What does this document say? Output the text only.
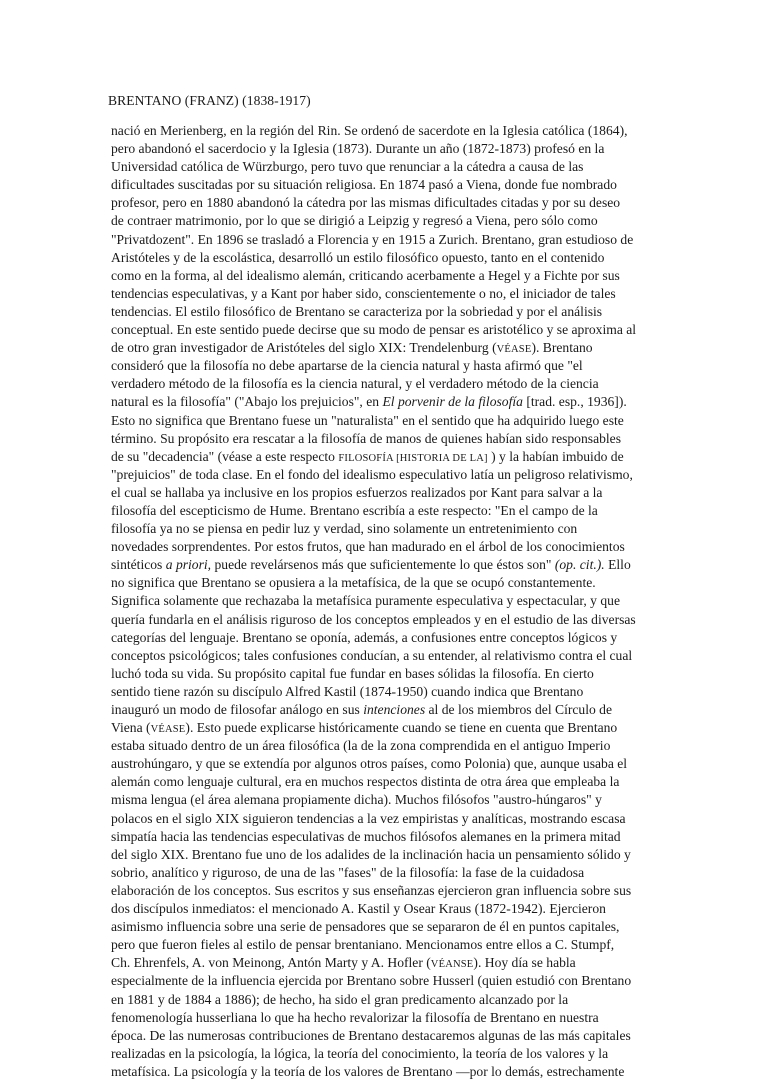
BRENTANO (FRANZ) (1838-1917)
nació en Merienberg, en la región del Rin. Se ordenó de sacerdote en la Iglesia católica (1864),
pero abandonó el sacerdocio y la Iglesia (1873). Durante un año (1872-1873) profesó en la
Universidad católica de Würzburgo, pero tuvo que renunciar a la cátedra a causa de las
dificultades suscitadas por su situación religiosa. En 1874 pasó a Viena, donde fue nombrado
profesor, pero en 1880 abandonó la cátedra por las mismas dificultades citadas y por su deseo
de contraer matrimonio, por lo que se dirigió a Leipzig y regresó a Viena, pero sólo como
"Privatdozent". En 1896 se trasladó a Florencia y en 1915 a Zurich. Brentano, gran estudioso de
Aristóteles y de la escolástica, desarrolló un estilo filosófico opuesto, tanto en el contenido
como en la forma, al del idealismo alemán, criticando acerbamente a Hegel y a Fichte por sus
tendencias especulativas, y a Kant por haber sido, conscientemente o no, el iniciador de tales
tendencias. El estilo filosófico de Brentano se caracteriza por la sobriedad y por el análisis
conceptual. En este sentido puede decirse que su modo de pensar es aristotélico y se aproxima al
de otro gran investigador de Aristóteles del siglo XIX: Trendelenburg (VÉASE). Brentano
consideró que la filosofía no debe apartarse de la ciencia natural y hasta afirmó que "el
verdadero método de la filosofía es la ciencia natural, y el verdadero método de la ciencia
natural es la filosofía" ("Abajo los prejuicios", en El porvenir de la filosofía [trad. esp., 1936]).
Esto no significa que Brentano fuese un "naturalista" en el sentido que ha adquirido luego este
término. Su propósito era rescatar a la filosofía de manos de quienes habían sido responsables
de su "decadencia" (véase a este respecto FILOSOFÍA [HISTORIA DE LA] ) y la habían imbuido de
"prejuicios" de toda clase. En el fondo del idealismo especulativo latía un peligroso relativismo,
el cual se hallaba ya inclusive en los propios esfuerzos realizados por Kant para salvar a la
filosofía del escepticismo de Hume. Brentano escribía a este respecto: "En el campo de la
filosofía ya no se piensa en pedir luz y verdad, sino solamente un entretenimiento con
novedades sorprendentes. Por estos frutos, que han madurado en el árbol de los conocimientos
sintéticos a priori, puede revelársenos más que suficientemente lo que éstos son" (op. cit.). Ello
no significa que Brentano se opusiera a la metafísica, de la que se ocupó constantemente.
Significa solamente que rechazaba la metafísica puramente especulativa y espectacular, y que
quería fundarla en el análisis riguroso de los conceptos empleados y en el estudio de las diversas
categorías del lenguaje. Brentano se oponía, además, a confusiones entre conceptos lógicos y
conceptos psicológicos; tales confusiones conducían, a su entender, al relativismo contra el cual
luchó toda su vida. Su propósito capital fue fundar en bases sólidas la filosofía. En cierto
sentido tiene razón su discípulo Alfred Kastil (1874-1950) cuando indica que Brentano
inauguró un modo de filosofar análogo en sus intenciones al de los miembros del Círculo de
Viena (VÉASE). Esto puede explicarse históricamente cuando se tiene en cuenta que Brentano
estaba situado dentro de un área filosófica (la de la zona comprendida en el antiguo Imperio
austrohúngaro, y que se extendía por algunos otros países, como Polonia) que, aunque usaba el
alemán como lenguaje cultural, era en muchos respectos distinta de otra área que empleaba la
misma lengua (el área alemana propiamente dicha). Muchos filósofos "austro-húngaros" y
polacos en el siglo XIX siguieron tendencias a la vez empiristas y analíticas, mostrando escasa
simpatía hacia las tendencias especulativas de muchos filósofos alemanes en la primera mitad
del siglo XIX. Brentano fue uno de los adalides de la inclinación hacia un pensamiento sólido y
sobrio, analítico y riguroso, de una de las "fases" de la filosofía: la fase de la cuidadosa
elaboración de los conceptos. Sus escritos y sus enseñanzas ejercieron gran influencia sobre sus
dos discípulos inmediatos: el mencionado A. Kastil y Osear Kraus (1872-1942). Ejercieron
asimismo influencia sobre una serie de pensadores que se separaron de él en puntos capitales,
pero que fueron fieles al estilo de pensar brentaniano. Mencionamos entre ellos a C. Stumpf,
Ch. Ehrenfels, A. von Meinong, Antón Marty y A. Hofler (VÉANSE). Hoy día se habla
especialmente de la influencia ejercida por Brentano sobre Husserl (quien estudió con Brentano
en 1881 y de 1884 a 1886); de hecho, ha sido el gran predicamento alcanzado por la
fenomenología husserliana lo que ha hecho revalorizar la filosofía de Brentano en nuestra
época. De las numerosas contribuciones de Brentano destacaremos algunas de las más capitales
realizadas en la psicología, la lógica, la teoría del conocimiento, la teoría de los valores y la
metafísica. La psicología y la teoría de los valores de Brentano —por lo demás, estrechamente
